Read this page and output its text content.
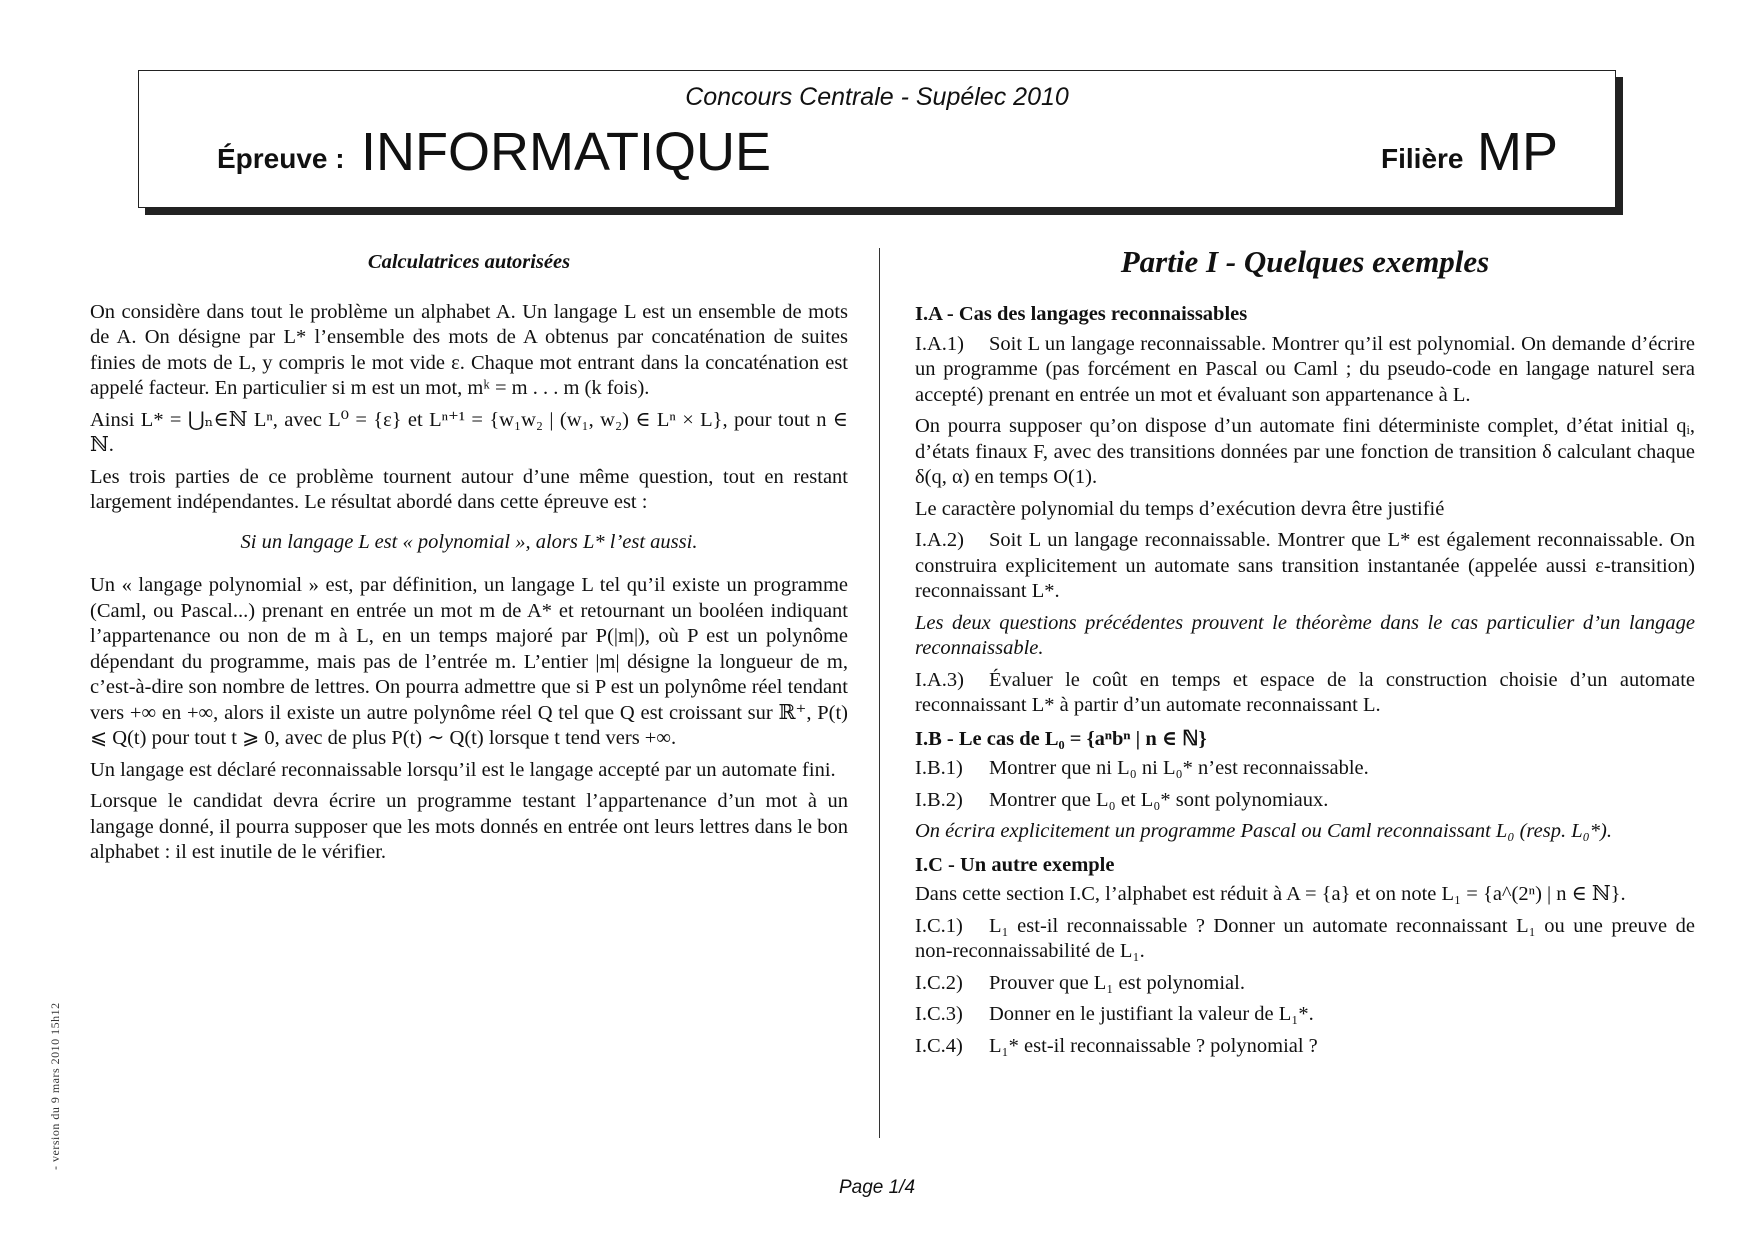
Concours Centrale - Supélec 2010
Épreuve : INFORMATIQUE	Filière MP

Calculatrices autorisées

On considère dans tout le problème un alphabet A. Un langage L est un ensemble de mots de A. On désigne par L* l’ensemble des mots de A obtenus par concaténation de suites finies de mots de L, y compris le mot vide ε. Chaque mot entrant dans la concaténation est appelé facteur. En particulier si m est un mot, mᵏ = m . . . m (k fois).

Ainsi L* = ⋃ₙ∈ℕ Lⁿ, avec L⁰ = {ε} et Lⁿ⁺¹ = {w₁w₂ | (w₁, w₂) ∈ Lⁿ × L}, pour tout n ∈ ℕ.

Les trois parties de ce problème tournent autour d’une même question, tout en restant largement indépendantes. Le résultat abordé dans cette épreuve est :

Si un langage L est « polynomial », alors L* l’est aussi.

Un « langage polynomial » est, par définition, un langage L tel qu’il existe un programme (Caml, ou Pascal...) prenant en entrée un mot m de A* et retournant un booléen indiquant l’appartenance ou non de m à L, en un temps majoré par P(|m|), où P est un polynôme dépendant du programme, mais pas de l’entrée m. L’entier |m| désigne la longueur de m, c’est-à-dire son nombre de lettres. On pourra admettre que si P est un polynôme réel tendant vers +∞ en +∞, alors il existe un autre polynôme réel Q tel que Q est croissant sur ℝ⁺, P(t) ⩽ Q(t) pour tout t ⩾ 0, avec de plus P(t) ∼ Q(t) lorsque t tend vers +∞.

Un langage est déclaré reconnaissable lorsqu’il est le langage accepté par un automate fini.

Lorsque le candidat devra écrire un programme testant l’appartenance d’un mot à un langage donné, il pourra supposer que les mots donnés en entrée ont leurs lettres dans le bon alphabet : il est inutile de le vérifier.

Partie I - Quelques exemples

I.A - Cas des langages reconnaissables

I.A.1) Soit L un langage reconnaissable. Montrer qu’il est polynomial. On demande d’écrire un programme (pas forcément en Pascal ou Caml ; du pseudo-code en langage naturel sera accepté) prenant en entrée un mot et évaluant son appartenance à L.

On pourra supposer qu’on dispose d’un automate fini déterministe complet, d’état initial qᵢ, d’états finaux F, avec des transitions données par une fonction de transition δ calculant chaque δ(q, α) en temps O(1).

Le caractère polynomial du temps d’exécution devra être justifié

I.A.2) Soit L un langage reconnaissable. Montrer que L* est également reconnaissable. On construira explicitement un automate sans transition instantanée (appelée aussi ε-transition) reconnaissant L*.

Les deux questions précédentes prouvent le théorème dans le cas particulier d’un langage reconnaissable.

I.A.3) Évaluer le coût en temps et espace de la construction choisie d’un automate reconnaissant L* à partir d’un automate reconnaissant L.

I.B - Le cas de L₀ = {aⁿbⁿ | n ∈ ℕ}

I.B.1) Montrer que ni L₀ ni L₀* n’est reconnaissable.

I.B.2) Montrer que L₀ et L₀* sont polynomiaux.

On écrira explicitement un programme Pascal ou Caml reconnaissant L₀ (resp. L₀*).

I.C - Un autre exemple

Dans cette section I.C, l’alphabet est réduit à A = {a} et on note L₁ = {a^(2ⁿ) | n ∈ ℕ}.

I.C.1) L₁ est-il reconnaissable ? Donner un automate reconnaissant L₁ ou une preuve de non-reconnaissabilité de L₁.

I.C.2) Prouver que L₁ est polynomial.

I.C.3) Donner en le justifiant la valeur de L₁*.

I.C.4) L₁* est-il reconnaissable ? polynomial ?

- version du 9 mars 2010 15h12
Page 1/4
